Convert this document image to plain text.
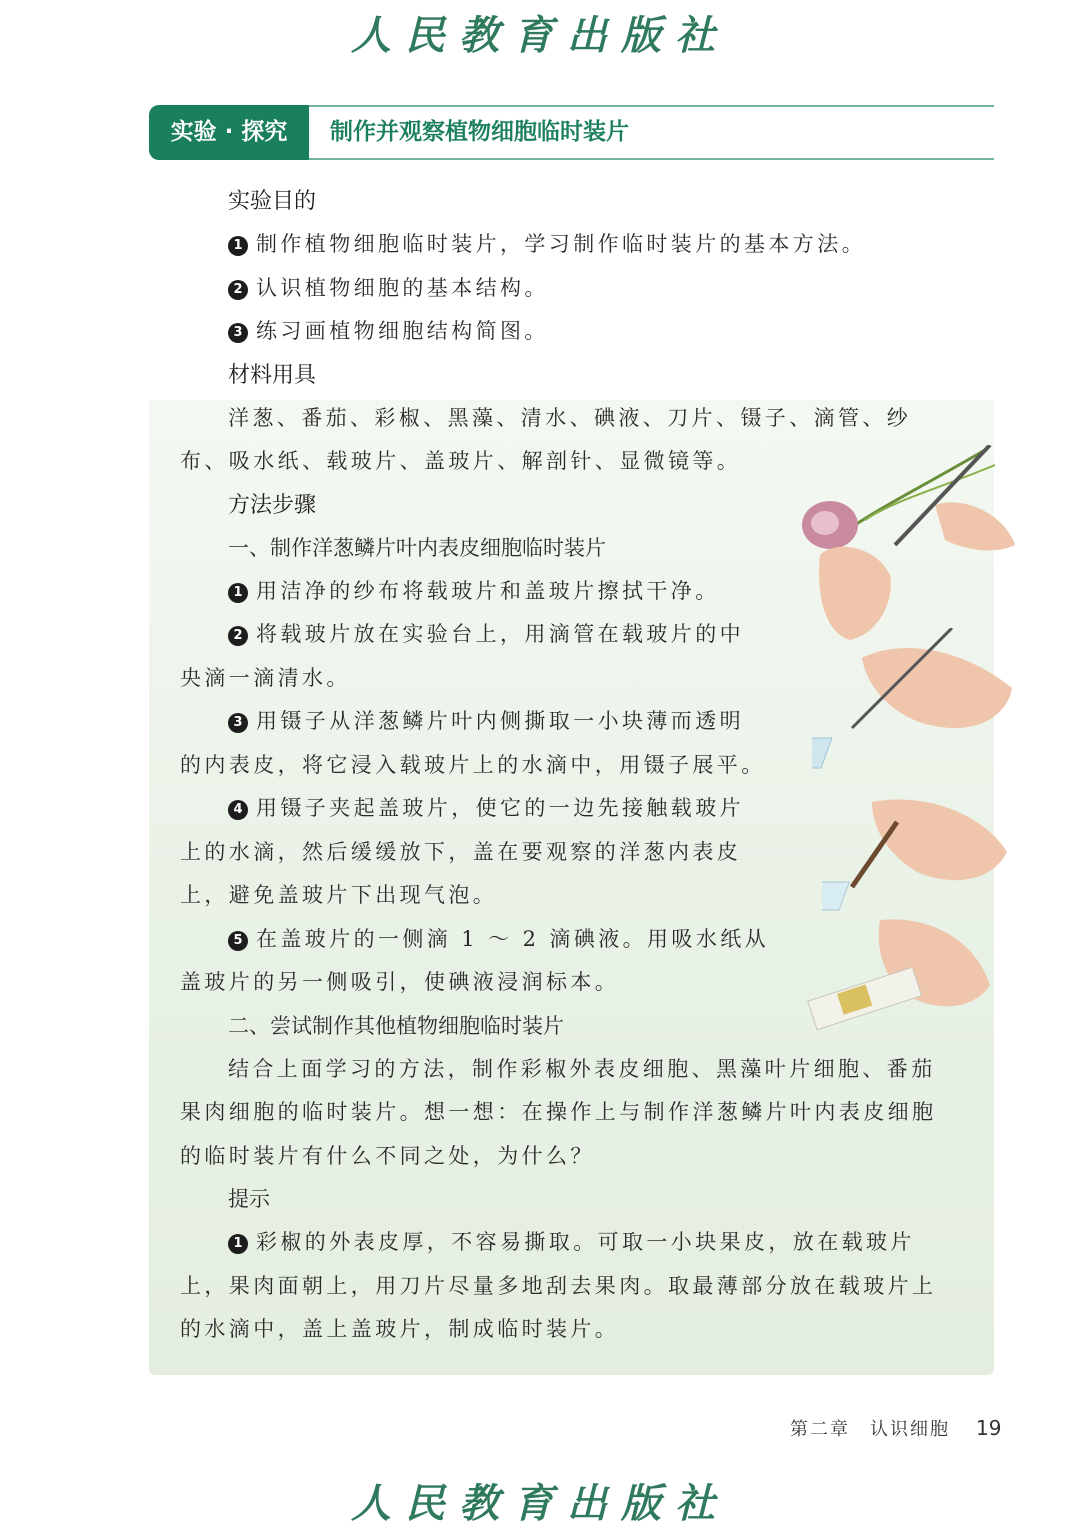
人民教育出版社
实验 · 探究	制作并观察植物细胞临时装片
实验目的
1 制作植物细胞临时装片，学习制作临时装片的基本方法。
2 认识植物细胞的基本结构。
3 练习画植物细胞结构简图。
材料用具
洋葱、番茄、彩椒、黑藻、清水、碘液、刀片、镊子、滴管、纱
布、吸水纸、载玻片、盖玻片、解剖针、显微镜等。
方法步骤
一、制作洋葱鳞片叶内表皮细胞临时装片
1 用洁净的纱布将载玻片和盖玻片擦拭干净。
2 将载玻片放在实验台上，用滴管在载玻片的中
央滴一滴清水。
3 用镊子从洋葱鳞片叶内侧撕取一小块薄而透明
的内表皮，将它浸入载玻片上的水滴中，用镊子展平。
4 用镊子夹起盖玻片，使它的一边先接触载玻片
上的水滴，然后缓缓放下，盖在要观察的洋葱内表皮
上，避免盖玻片下出现气泡。
5 在盖玻片的一侧滴 1 ～ 2 滴碘液。用吸水纸从
盖玻片的另一侧吸引，使碘液浸润标本。
二、尝试制作其他植物细胞临时装片
结合上面学习的方法，制作彩椒外表皮细胞、黑藻叶片细胞、番茄
果肉细胞的临时装片。想一想：在操作上与制作洋葱鳞片叶内表皮细胞
的临时装片有什么不同之处，为什么？
提示
1 彩椒的外表皮厚，不容易撕取。可取一小块果皮，放在载玻片
上，果肉面朝上，用刀片尽量多地刮去果肉。取最薄部分放在载玻片上
的水滴中，盖上盖玻片，制成临时装片。
第二章　认识细胞 19
人民教育出版社
